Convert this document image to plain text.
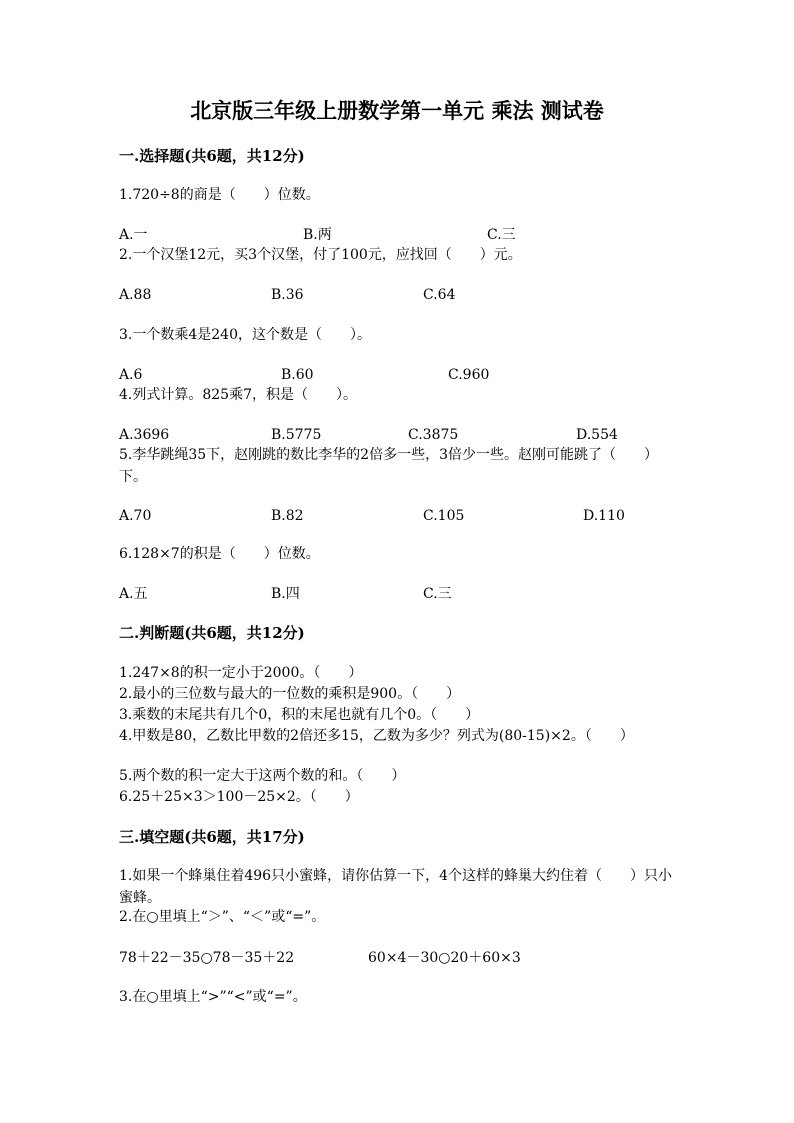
北京版三年级上册数学第一单元 乘法 测试卷
一.选择题(共6题，共12分)
1.720÷8的商是（　　）位数。
A.一	B.两	C.三
2.一个汉堡12元，买3个汉堡，付了100元，应找回（　　）元。
A.88	B.36	C.64
3.一个数乘4是240，这个数是（　　）。
A.6	B.60	C.960
4.列式计算。825乘7，积是（　　）。
A.3696	B.5775	C.3875	D.554
5.李华跳绳35下，赵刚跳的数比李华的2倍多一些，3倍少一些。赵刚可能跳了（　　）下。
A.70	B.82	C.105	D.110
6.128×7的积是（　　）位数。
A.五	B.四	C.三
二.判断题(共6题，共12分)
1.247×8的积一定小于2000。（　　）
2.最小的三位数与最大的一位数的乘积是900。（　　）
3.乘数的末尾共有几个0，积的末尾也就有几个0。（　　）
4.甲数是80，乙数比甲数的2倍还多15，乙数为多少？列式为(80-15)×2。（　　）
5.两个数的积一定大于这两个数的和。（　　）
6.25＋25×3＞100－25×2。（　　）
三.填空题(共6题，共17分)
1.如果一个蜂巢住着496只小蜜蜂，请你估算一下，4个这样的蜂巢大约住着（　　）只小蜜蜂。
2.在○里填上“＞”、“＜”或“=”。
78＋22－35○78－35＋22	60×4－30○20＋60×3
3.在○里填上“>”“<”或“=”。
